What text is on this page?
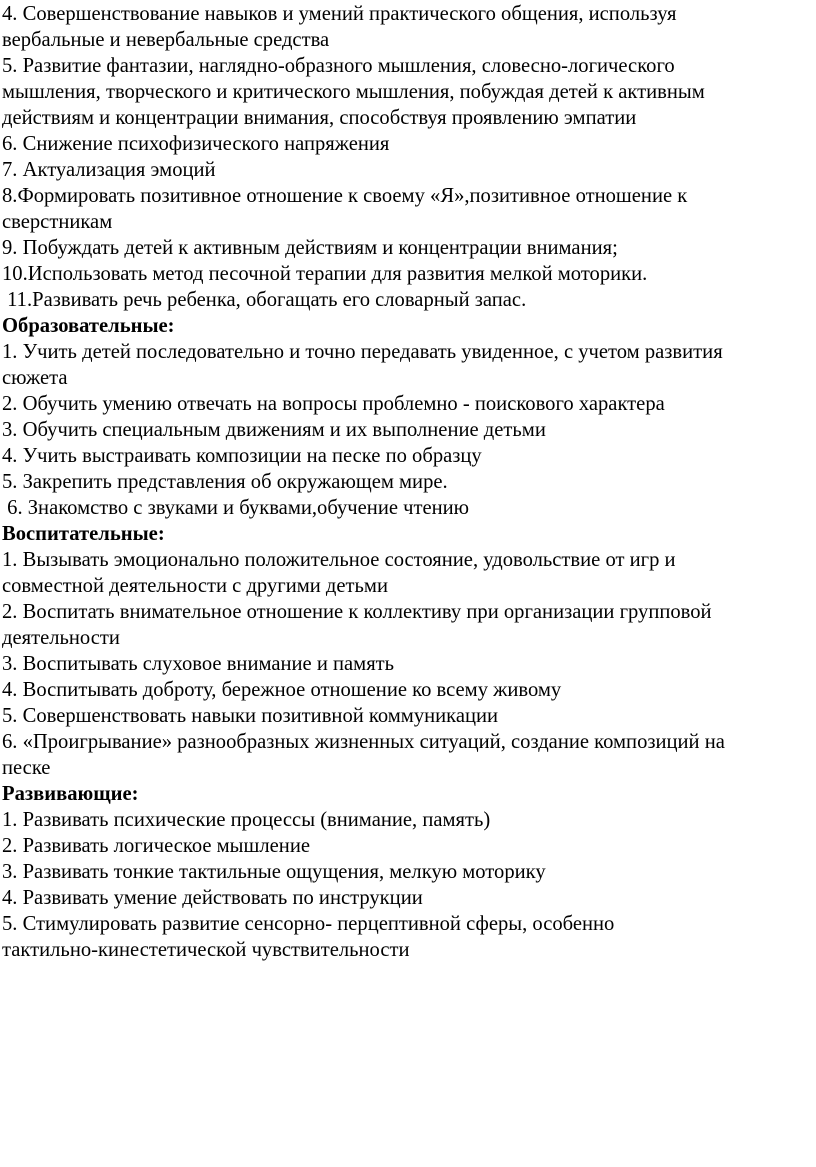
4. Совершенствование навыков и умений практического общения, используя
вербальные и невербальные средства
5. Развитие фантазии, наглядно-образного мышления, словесно-логического
мышления, творческого и критического мышления, побуждая детей к активным
действиям и концентрации внимания, способствуя проявлению эмпатии
6. Снижение психофизического напряжения
7. Актуализация эмоций
8.Формировать позитивное отношение к своему «Я»,позитивное отношение к
сверстникам
9. Побуждать детей к активным действиям и концентрации внимания;
10.Использовать метод песочной терапии для развития мелкой моторики.
11.Развивать речь ребенка, обогащать его словарный запас.
Образовательные:
1. Учить детей последовательно и точно передавать увиденное, с учетом развития
сюжета
2. Обучить умению отвечать на вопросы проблемно - поискового характера
3. Обучить специальным движениям и их выполнение детьми
4. Учить выстраивать композиции на песке по образцу
5. Закрепить представления об окружающем мире.
6. Знакомство с звуками и буквами,обучение чтению
Воспитательные:
1. Вызывать эмоционально положительное состояние, удовольствие от игр и
совместной деятельности с другими детьми
2. Воспитать внимательное отношение к коллективу при организации групповой
деятельности
3. Воспитывать слуховое внимание и память
4. Воспитывать доброту, бережное отношение ко всему живому
5. Совершенствовать навыки позитивной коммуникации
6. «Проигрывание» разнообразных жизненных ситуаций, создание композиций на
песке
Развивающие:
1. Развивать психические процессы (внимание, память)
2. Развивать логическое мышление
3. Развивать тонкие тактильные ощущения, мелкую моторику
4. Развивать умение действовать по инструкции
5. Стимулировать развитие сенсорно- перцептивной сферы, особенно
тактильно-кинестетической чувствительности
